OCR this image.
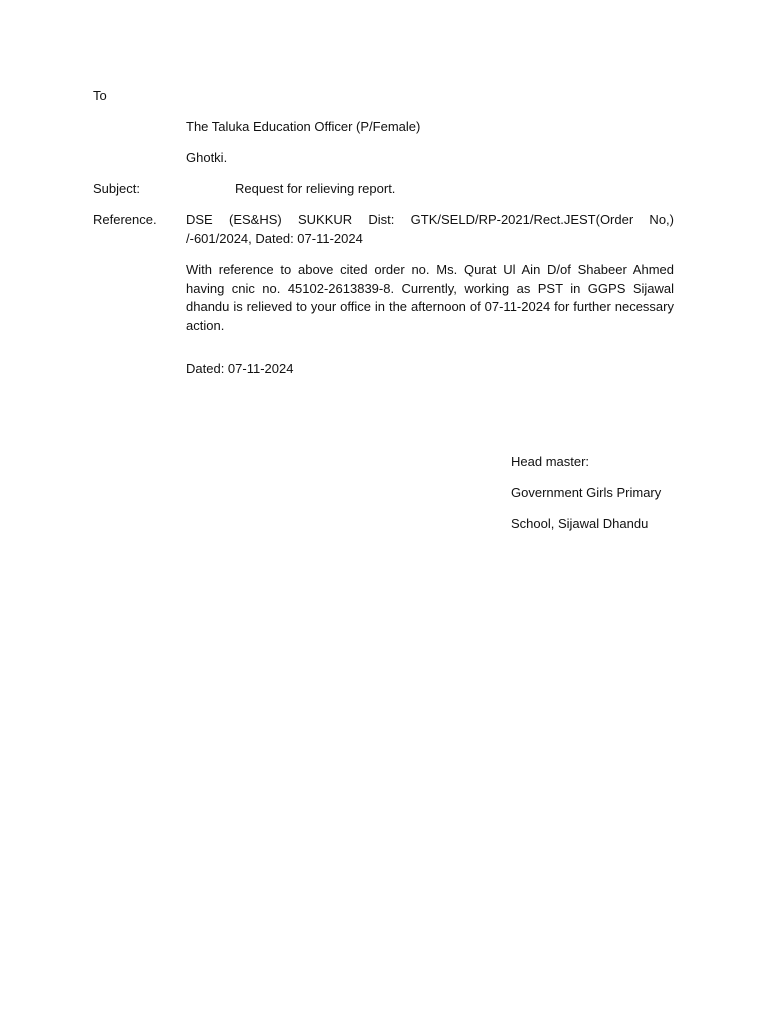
To
The Taluka Education Officer (P/Female)
Ghotki.
Subject:	Request for relieving report.
Reference. DSE (ES&HS) SUKKUR Dist: GTK/SELD/RP-2021/Rect.JEST(Order No,) /-601/2024, Dated: 07-11-2024
With reference to above cited order no. Ms. Qurat Ul Ain D/of Shabeer Ahmed having cnic no. 45102-2613839-8. Currently, working as PST in GGPS Sijawal dhandu is relieved to your office in the afternoon of 07-11-2024 for further necessary action.
Dated: 07-11-2024
Head master:
Government Girls Primary
School, Sijawal Dhandu
